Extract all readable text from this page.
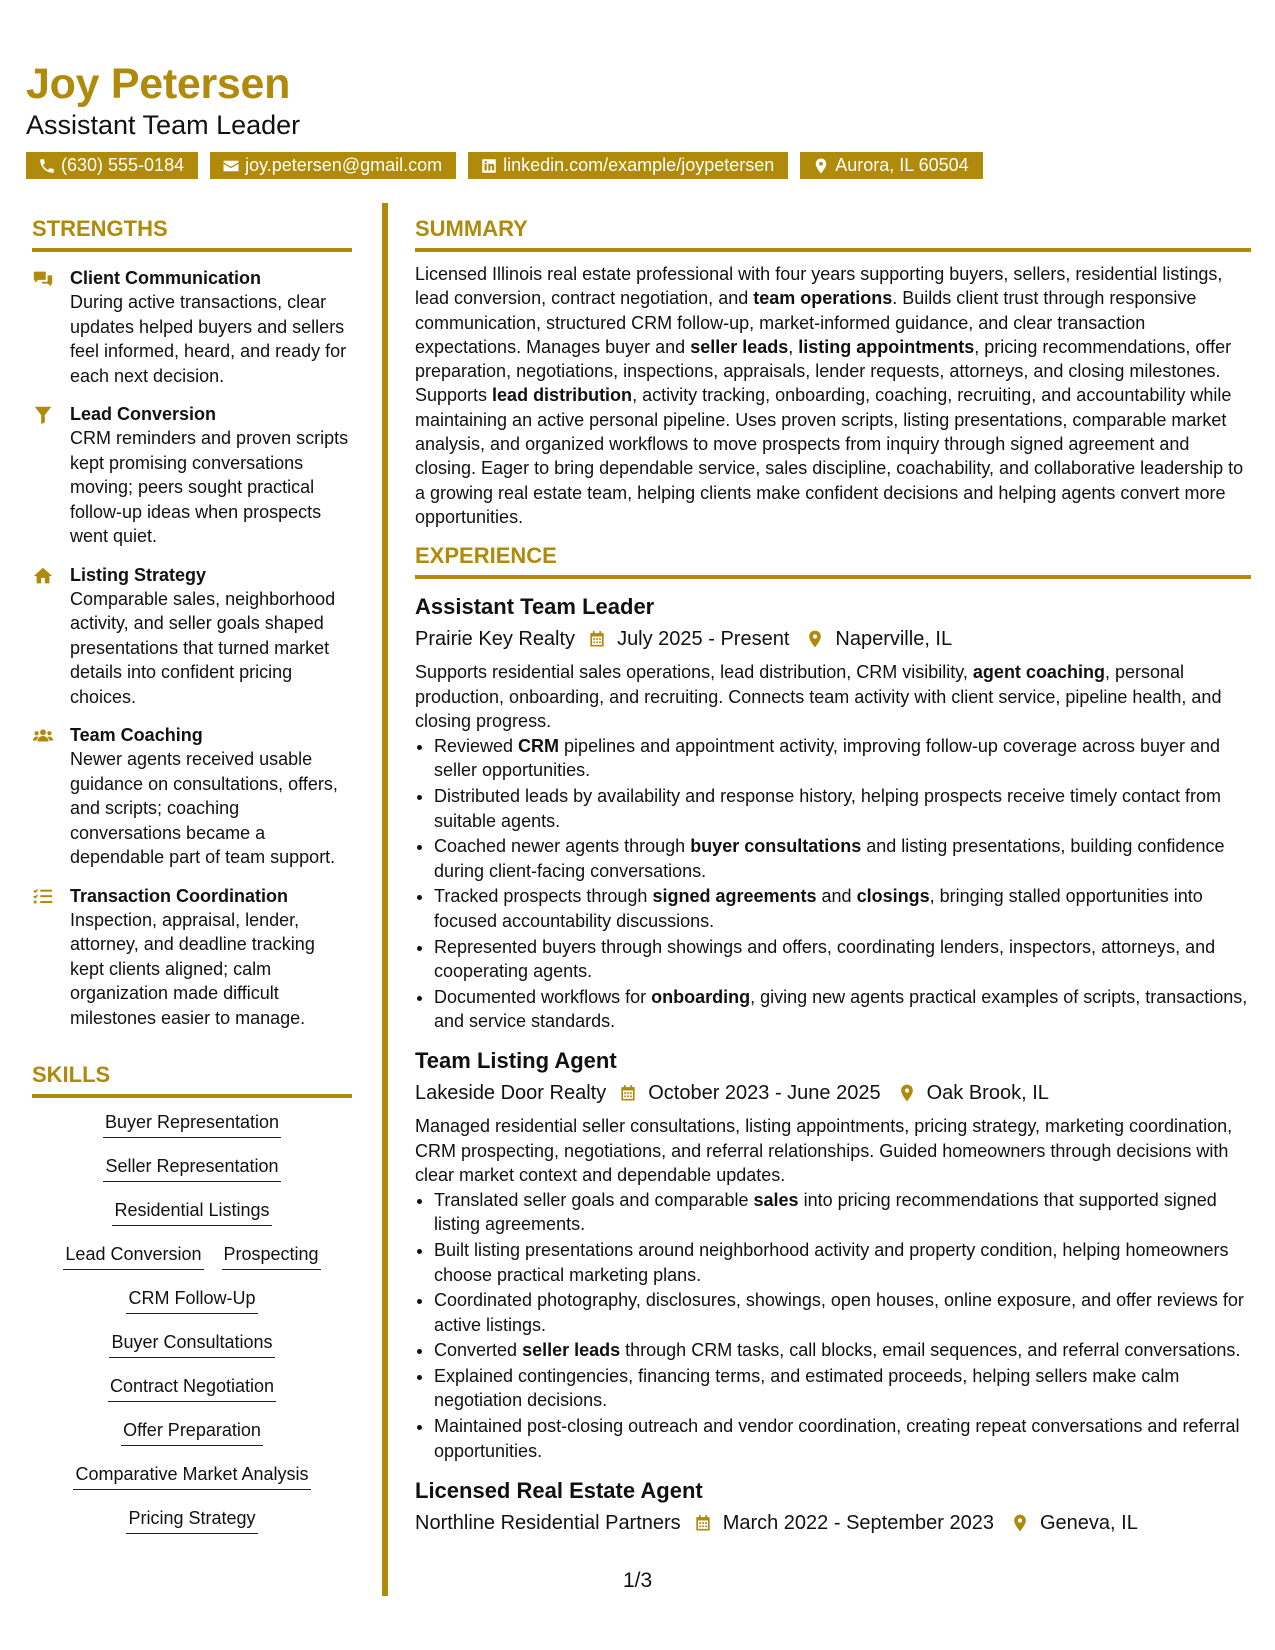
Joy Petersen
Assistant Team Leader
(630) 555-0184	joy.petersen@gmail.com	linkedin.com/example/joypetersen	Aurora, IL 60504
STRENGTHS
Client Communication
During active transactions, clear updates helped buyers and sellers feel informed, heard, and ready for each next decision.
Lead Conversion
CRM reminders and proven scripts kept promising conversations moving; peers sought practical follow-up ideas when prospects went quiet.
Listing Strategy
Comparable sales, neighborhood activity, and seller goals shaped presentations that turned market details into confident pricing choices.
Team Coaching
Newer agents received usable guidance on consultations, offers, and scripts; coaching conversations became a dependable part of team support.
Transaction Coordination
Inspection, appraisal, lender, attorney, and deadline tracking kept clients aligned; calm organization made difficult milestones easier to manage.
SKILLS
Buyer Representation
Seller Representation
Residential Listings
Lead Conversion Prospecting
CRM Follow-Up
Buyer Consultations
Contract Negotiation
Offer Preparation
Comparative Market Analysis
Pricing Strategy
SUMMARY
Licensed Illinois real estate professional with four years supporting buyers, sellers, residential listings, lead conversion, contract negotiation, and team operations. Builds client trust through responsive communication, structured CRM follow-up, market-informed guidance, and clear transaction expectations. Manages buyer and seller leads, listing appointments, pricing recommendations, offer preparation, negotiations, inspections, appraisals, lender requests, attorneys, and closing milestones. Supports lead distribution, activity tracking, onboarding, coaching, recruiting, and accountability while maintaining an active personal pipeline. Uses proven scripts, listing presentations, comparable market analysis, and organized workflows to move prospects from inquiry through signed agreement and closing. Eager to bring dependable service, sales discipline, coachability, and collaborative leadership to a growing real estate team, helping clients make confident decisions and helping agents convert more opportunities.
EXPERIENCE
Assistant Team Leader
Prairie Key Realty July 2025 - Present Naperville, IL
Supports residential sales operations, lead distribution, CRM visibility, agent coaching, personal production, onboarding, and recruiting. Connects team activity with client service, pipeline health, and closing progress.
• Reviewed CRM pipelines and appointment activity, improving follow-up coverage across buyer and seller opportunities.
• Distributed leads by availability and response history, helping prospects receive timely contact from suitable agents.
• Coached newer agents through buyer consultations and listing presentations, building confidence during client-facing conversations.
• Tracked prospects through signed agreements and closings, bringing stalled opportunities into focused accountability discussions.
• Represented buyers through showings and offers, coordinating lenders, inspectors, attorneys, and cooperating agents.
• Documented workflows for onboarding, giving new agents practical examples of scripts, transactions, and service standards.
Team Listing Agent
Lakeside Door Realty October 2023 - June 2025 Oak Brook, IL
Managed residential seller consultations, listing appointments, pricing strategy, marketing coordination, CRM prospecting, negotiations, and referral relationships. Guided homeowners through decisions with clear market context and dependable updates.
• Translated seller goals and comparable sales into pricing recommendations that supported signed listing agreements.
• Built listing presentations around neighborhood activity and property condition, helping homeowners choose practical marketing plans.
• Coordinated photography, disclosures, showings, open houses, online exposure, and offer reviews for active listings.
• Converted seller leads through CRM tasks, call blocks, email sequences, and referral conversations.
• Explained contingencies, financing terms, and estimated proceeds, helping sellers make calm negotiation decisions.
• Maintained post-closing outreach and vendor coordination, creating repeat conversations and referral opportunities.
Licensed Real Estate Agent
Northline Residential Partners March 2022 - September 2023 Geneva, IL
1/3
